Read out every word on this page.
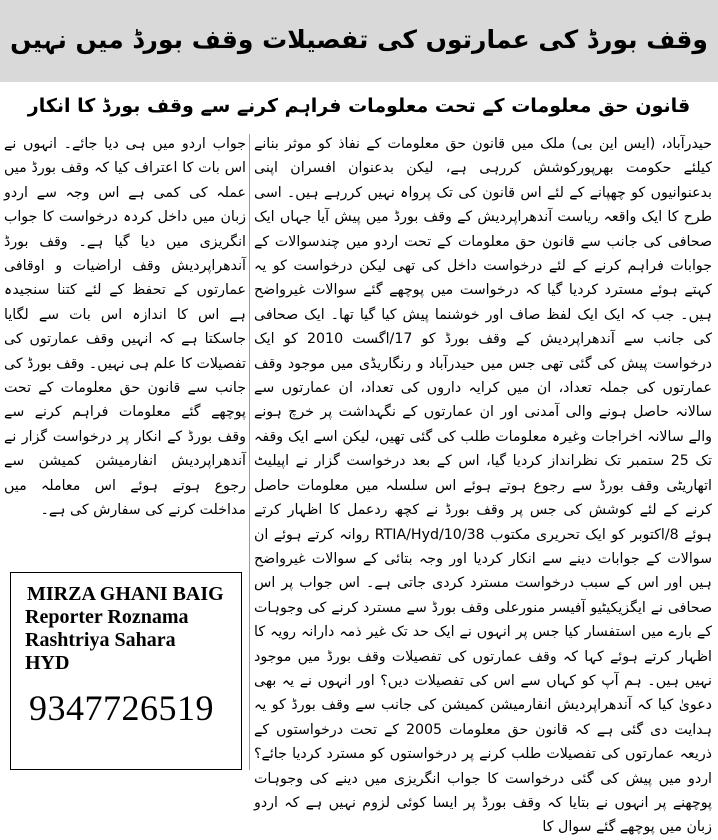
وقف بورڈ کی عمارتوں کی تفصیلات وقف بورڈ میں نہیں
قانون حق معلومات کے تحت معلومات فراہم کرنے سے وقف بورڈ کا انکار

حیدرآباد، (ایس این بی) ملک میں قانون حق معلومات کے نفاذ کو موثر بنانے کیلئے حکومت بھرپورکوشش کررہی ہے، لیکن بدعنوان افسران اپنی بدعنوانیوں کو چھپانے کے لئے اس قانون کی تک پرواہ نہیں کررہے ہیں۔ اسی طرح کا ایک واقعہ ریاست آندھراپردیش کے وقف بورڈ میں پیش آیا جہاں ایک صحافی کی جانب سے قانون حق معلومات کے تحت اردو میں چندسوالات کے جوابات فراہم کرنے کے لئے درخواست داخل کی تھی لیکن درخواست کو یہ کہتے ہوئے مسترد کردیا گیا کہ درخواست میں پوچھے گئے سوالات غیرواضح ہیں۔ جب کہ ایک ایک لفظ صاف اور خوشنما پیش کیا گیا تھا۔ ایک صحافی کی جانب سے آندھراپردیش کے وقف بورڈ کو 17/اگست 2010 کو ایک درخواست پیش کی گئی تھی جس میں حیدرآباد و رنگاریڈی میں موجود وقف عمارتوں کی جملہ تعداد، ان میں کرایہ داروں کی تعداد، ان عمارتوں سے سالانہ حاصل ہونے والی آمدنی اور ان عمارتوں کے نگہداشت پر خرچ ہونے والے سالانہ اخراجات وغیرہ معلومات طلب کی گئی تھیں، لیکن اسے ایک وقفہ تک 25 ستمبر تک نظرانداز کردیا گیا، اس کے بعد درخواست گزار نے اپیلیٹ اتھاریٹی وقف بورڈ سے رجوع ہوتے ہوئے اس سلسلہ میں معلومات حاصل کرنے کے لئے کوشش کی جس پر وقف بورڈ نے کچھ ردعمل کا اظہار کرتے ہوئے 8/اکتوبر کو ایک تحریری مکتوب 38/RTIA/Hyd/10 روانہ کرتے ہوئے ان سوالات کے جوابات دینے سے انکار کردیا اور وجہ بتائی کے سوالات غیرواضح ہیں اور اس کے سبب درخواست مسترد کردی جاتی ہے۔ اس جواب پر اس صحافی نے ایگزیکیٹیو آفیسر منورعلی وقف بورڈ سے مسترد کرنے کی وجوہات کے بارے میں استفسار کیا جس پر انہوں نے ایک حد تک غیر ذمہ دارانہ رویہ کا اظہار کرتے ہوئے کہا کہ وقف عمارتوں کی تفصیلات وقف بورڈ میں موجود نہیں ہیں۔ ہم آپ کو کہاں سے اس کی تفصیلات دیں؟ اور انہوں نے یہ بھی دعویٰ کیا کہ آندھراپردیش انفارمیشن کمیشن کی جانب سے وقف بورڈ کو یہ ہدایت دی گئی ہے کہ قانون حق معلومات 2005 کے تحت درخواستوں کے ذریعہ عمارتوں کی تفصیلات طلب کرنے پر درخواستوں کو مسترد کردیا جائے؟ اردو میں پیش کی گئی درخواست کا جواب انگریزی میں دینے کی وجوہات پوچھنے پر انہوں نے بتایا کہ وقف بورڈ پر ایسا کوئی لزوم نہیں ہے کہ اردو زبان میں پوچھے گئے سوال کا

جواب اردو میں ہی دیا جائے۔ انہوں نے اس بات کا اعتراف کیا کہ وقف بورڈ میں عملہ کی کمی ہے اس وجہ سے اردو زبان میں داخل کردہ درخواست کا جواب انگریزی میں دیا گیا ہے۔ وقف بورڈ آندھراپردیش وقف اراضیات و اوقافی عمارتوں کے تحفظ کے لئے کتنا سنجیدہ ہے اس کا اندازہ اس بات سے لگایا جاسکتا ہے کہ انہیں وقف عمارتوں کی تفصیلات کا علم ہی نہیں۔ وقف بورڈ کی جانب سے قانون حق معلومات کے تحت پوچھے گئے معلومات فراہم کرنے سے وقف بورڈ کے انکار پر درخواست گزار نے آندھراپردیش انفارمیشن کمیشن سے رجوع ہوتے ہوئے اس معاملہ میں مداخلت کرنے کی سفارش کی ہے۔

MIRZA GHANI BAIG
Reporter Roznama
Rashtriya Sahara
HYD
9347726519
